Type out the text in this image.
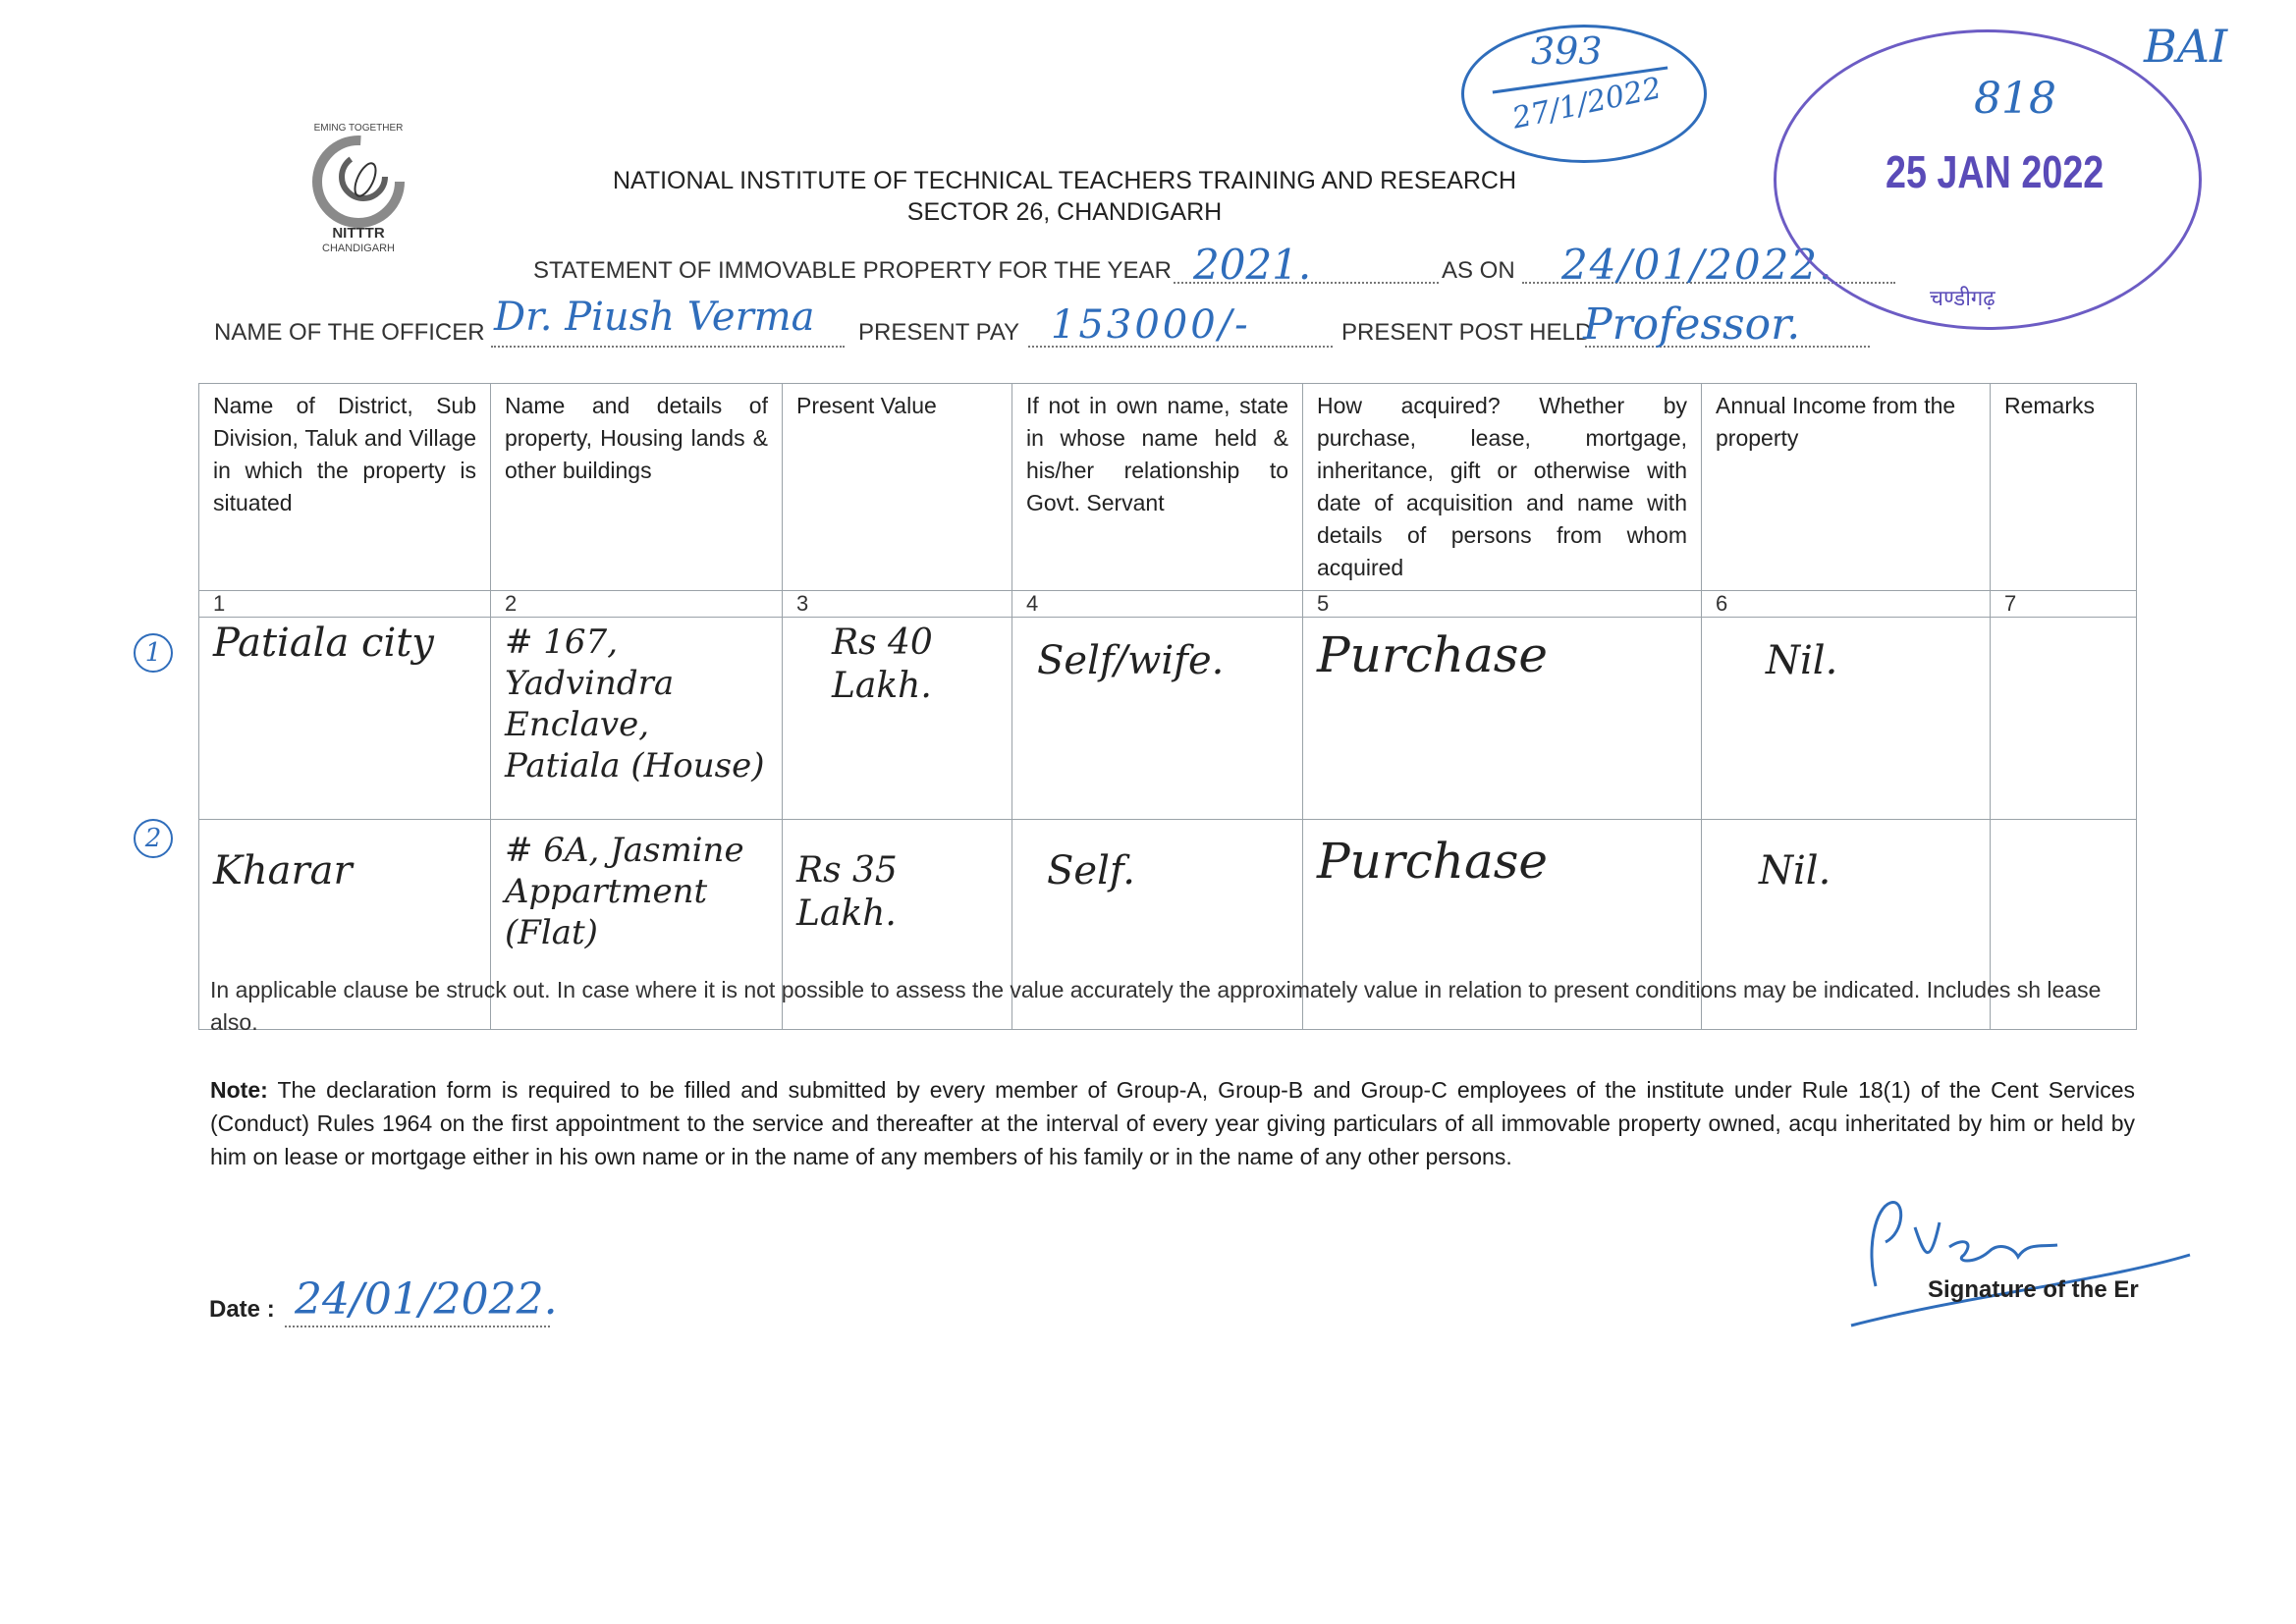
EMING TOGETHER
NITTTR
CHANDIGARH
NATIONAL INSTITUTE OF TECHNICAL TEACHERS TRAINING AND RESEARCH
SECTOR 26, CHANDIGARH
STATEMENT OF IMMOVABLE PROPERTY FOR THE YEAR 2021.	AS ON 24/01/2022.
NAME OF THE OFFICER Dr. Piush Verma PRESENT PAY 153000/-	PRESENT POST HELD
Professor.
Name of District, Sub Division, Taluk and Village in which the property is situated	Name and details of property, Housing lands & other buildings	Present Value	If not in own name, state in whose name held & his/her relationship to Govt. Servant	How acquired? Whether by purchase, lease, mortgage, inheritance, gift or otherwise with date of acquisition and name with details of persons from whom acquired	Annual Income from the property	Remarks
1	2	3	4	5	6	7
Patiala city	# 167, Yadvindra Enclave, Patiala (House)	Rs 40 Lakh.	Self/wife.	Purchase	Nil.	
Kharar	# 6A, Jasmine Appartment (Flat)	Rs 35 Lakh.	Self.	Purchase	Nil.	
1
2
In applicable clause be struck out. In case where it is not possible to assess the value accurately the approximately value in relation to present conditions may be indicated. Includes sh lease also.
Note: The declaration form is required to be filled and submitted by every member of Group-A, Group-B and Group-C employees of the institute under Rule 18(1) of the Cent Services (Conduct) Rules 1964 on the first appointment to the service and thereafter at the interval of every year giving particulars of all immovable property owned, acqu inheritated by him or held by him on lease or mortgage either in his own name or in the name of any members of his family or in the name of any other persons.
Date : 24/01/2022.	Signature of the Er
393
27/1/2022	818
25 JAN 2022
चण्डीगढ़
BAI
